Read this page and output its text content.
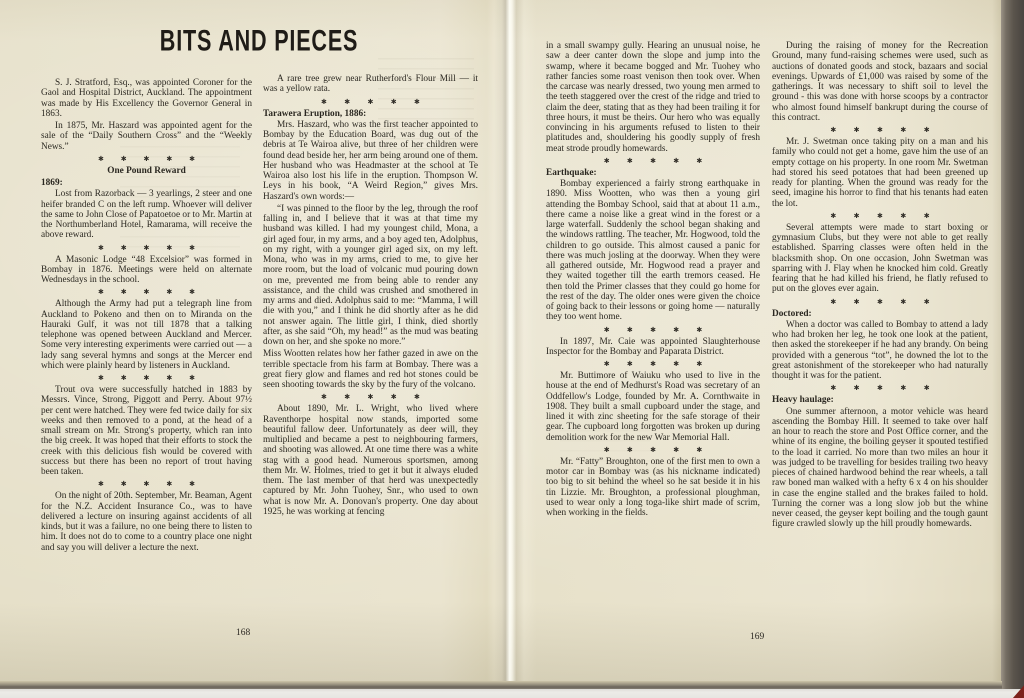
BITS AND PIECES
S. J. Stratford, Esq., was appointed Coroner for the Gaol and Hospital District, Auckland. The appointment was made by His Excellency the Governor General in 1863.
In 1875, Mr. Haszard was appointed agent for the sale of the “Daily Southern Cross” and the “Weekly News.”
✱ ✱ ✱ ✱ ✱
One Pound Reward
1869:
Lost from Razorback — 3 yearlings, 2 steer and one heifer branded C on the left rump. Whoever will deliver the same to John Close of Papatoetoe or to Mr. Martin at the Northumberland Hotel, Ramarama, will receive the above reward.
✱ ✱ ✱ ✱ ✱
A Masonic Lodge “48 Excelsior” was formed in Bombay in 1876. Meetings were held on alternate Wednesdays in the school.
✱ ✱ ✱ ✱ ✱
Although the Army had put a telegraph line from Auckland to Pokeno and then on to Miranda on the Hauraki Gulf, it was not till 1878 that a talking telephone was opened between Auckland and Mercer. Some very interesting experiments were carried out — a lady sang several hymns and songs at the Mercer end which were plainly heard by listeners in Auckland.
✱ ✱ ✱ ✱ ✱
Trout ova were successfully hatched in 1883 by Messrs. Vince, Strong, Piggott and Perry. About 97½ per cent were hatched. They were fed twice daily for six weeks and then removed to a pond, at the head of a small stream on Mr. Strong's property, which ran into the big creek. It was hoped that their efforts to stock the creek with this delicious fish would be covered with success but there has been no report of trout having been taken.
✱ ✱ ✱ ✱ ✱
On the night of 20th. September, Mr. Beaman, Agent for the N.Z. Accident Insurance Co., was to have delivered a lecture on insuring against accidents of all kinds, but it was a failure, no one being there to listen to him. It does not do to come to a country place one night and say you will deliver a lecture the next.
A rare tree grew near Rutherford's Flour Mill — it was a yellow rata.
✱ ✱ ✱ ✱ ✱
Tarawera Eruption, 1886:
Mrs. Haszard, who was the first teacher appointed to Bombay by the Education Board, was dug out of the debris at Te Wairoa alive, but three of her children were found dead beside her, her arm being around one of them. Her husband who was Headmaster at the school at Te Wairoa also lost his life in the eruption. Thompson W. Leys in his book, “A Weird Region,” gives Mrs. Haszard's own words:—
“I was pinned to the floor by the leg, through the roof falling in, and I believe that it was at that time my husband was killed. I had my youngest child, Mona, a girl aged four, in my arms, and a boy aged ten, Adolphus, on my right, with a younger girl aged six, on my left. Mona, who was in my arms, cried to me, to give her more room, but the load of volcanic mud pouring down on me, prevented me from being able to render any assistance, and the child was crushed and smothered in my arms and died. Adolphus said to me: “Mamma, I will die with you,” and I think he did shortly after as he did not answer again. The little girl, I think, died shortly after, as she said “Oh, my head!” as the mud was beating down on her, and she spoke no more.”
Miss Wootten relates how her father gazed in awe on the terrible spectacle from his farm at Bombay. There was a great fiery glow and flames and red hot stones could be seen shooting towards the sky by the fury of the volcano.
✱ ✱ ✱ ✱ ✱
About 1890, Mr. L. Wright, who lived where Raventhorpe hospital now stands, imported some beautiful fallow deer. Unfortunately as deer will, they multiplied and became a pest to neighbouring farmers, and shooting was allowed. At one time there was a white stag with a good head. Numerous sportsmen, among them Mr. W. Holmes, tried to get it but it always eluded them. The last member of that herd was unexpectedly captured by Mr. John Tuohey, Snr., who used to own what is now Mr. A. Donovan's property. One day about 1925, he was working at fencing
in a small swampy gully. Hearing an unusual noise, he saw a deer canter down the slope and jump into the swamp, where it became bogged and Mr. Tuohey who rather fancies some roast venison then took over. When the carcase was nearly dressed, two young men armed to the teeth staggered over the crest of the ridge and tried to claim the deer, stating that as they had been trailing it for three hours, it must be theirs. Our hero who was equally convincing in his arguments refused to listen to their platitudes and, shouldering his goodly supply of fresh meat strode proudly homewards.
✱ ✱ ✱ ✱ ✱
Earthquake:
Bombay experienced a fairly strong earthquake in 1890. Miss Wootten, who was then a young girl attending the Bombay School, said that at about 11 a.m., there came a noise like a great wind in the forest or a large waterfall. Suddenly the school began shaking and the windows rattling. The teacher, Mr. Hogwood, told the children to go outside. This almost caused a panic for there was much josling at the doorway. When they were all gathered outside, Mr. Hogwood read a prayer and they waited together till the earth tremors ceased. He then told the Primer classes that they could go home for the rest of the day. The older ones were given the choice of going back to their lessons or going home — naturally they too went home.
✱ ✱ ✱ ✱ ✱
In 1897, Mr. Caie was appointed Slaughterhouse Inspector for the Bombay and Paparata District.
✱ ✱ ✱ ✱ ✱
Mr. Buttimore of Waiuku who used to live in the house at the end of Medhurst's Road was secretary of an Oddfellow's Lodge, founded by Mr. A. Cornthwaite in 1908. They built a small cupboard under the stage, and lined it with zinc sheeting for the safe storage of their gear. The cupboard long forgotten was broken up during demolition work for the new War Memorial Hall.
✱ ✱ ✱ ✱ ✱
Mr. “Fatty” Broughton, one of the first men to own a motor car in Bombay was (as his nickname indicated) too big to sit behind the wheel so he sat beside it in his tin Lizzie. Mr. Broughton, a professional ploughman, used to wear only a long toga-like shirt made of scrim, when working in the fields.
During the raising of money for the Recreation Ground, many fund-raising schemes were used, such as auctions of donated goods and stock, bazaars and social evenings. Upwards of £1,000 was raised by some of the gatherings. It was necessary to shift soil to level the ground - this was done with horse scoops by a contractor who almost found himself bankrupt during the course of this contract.
✱ ✱ ✱ ✱ ✱
Mr. J. Swetman once taking pity on a man and his family who could not get a home, gave him the use of an empty cottage on his property. In one room Mr. Swetman had stored his seed potatoes that had been greened up ready for planting. When the ground was ready for the seed, imagine his horror to find that his tenants had eaten the lot.
✱ ✱ ✱ ✱ ✱
Several attempts were made to start boxing or gymnasium Clubs, but they were not able to get really established. Sparring classes were often held in the blacksmith shop. On one occasion, John Swetman was sparring with J. Flay when he knocked him cold. Greatly fearing that he had killed his friend, he flatly refused to put on the gloves ever again.
✱ ✱ ✱ ✱ ✱
Doctored:
When a doctor was called to Bombay to attend a lady who had broken her leg, he took one look at the patient, then asked the storekeeper if he had any brandy. On being provided with a generous “tot”, he downed the lot to the great astonishment of the storekeeper who had naturally thought it was for the patient.
✱ ✱ ✱ ✱ ✱
Heavy haulage:
One summer afternoon, a motor vehicle was heard ascending the Bombay Hill. It seemed to take over half an hour to reach the store and Post Office corner, and the whine of its engine, the boiling geyser it spouted testified to the load it carried. No more than two miles an hour it was judged to be travelling for besides trailing two heavy pieces of chained hardwood behind the rear wheels, a tall raw boned man walked with a hefty 6 x 4 on his shoulder in case the engine stalled and the brakes failed to hold. Turning the corner was a long slow job but the whine never ceased, the geyser kept boiling and the tough gaunt figure crawled slowly up the hill proudly homewards.
168	169
